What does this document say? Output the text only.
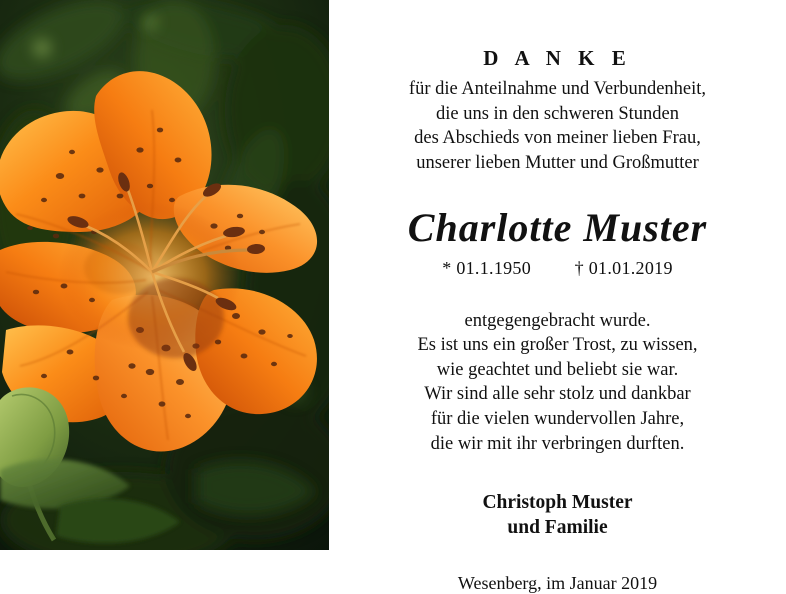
D A N K E
für die Anteilnahme und Verbundenheit,
die uns in den schweren Stunden
des Abschieds von meiner lieben Frau,
unserer lieben Mutter und Großmutter
Charlotte Muster
* 01.1.1950 † 01.01.2019
entgegengebracht wurde.
Es ist uns ein großer Trost, zu wissen,
wie geachtet und beliebt sie war.
Wir sind alle sehr stolz und dankbar
für die vielen wundervollen Jahre,
die wir mit ihr verbringen durften.
Christoph Muster
und Familie
Wesenberg, im Januar 2019
